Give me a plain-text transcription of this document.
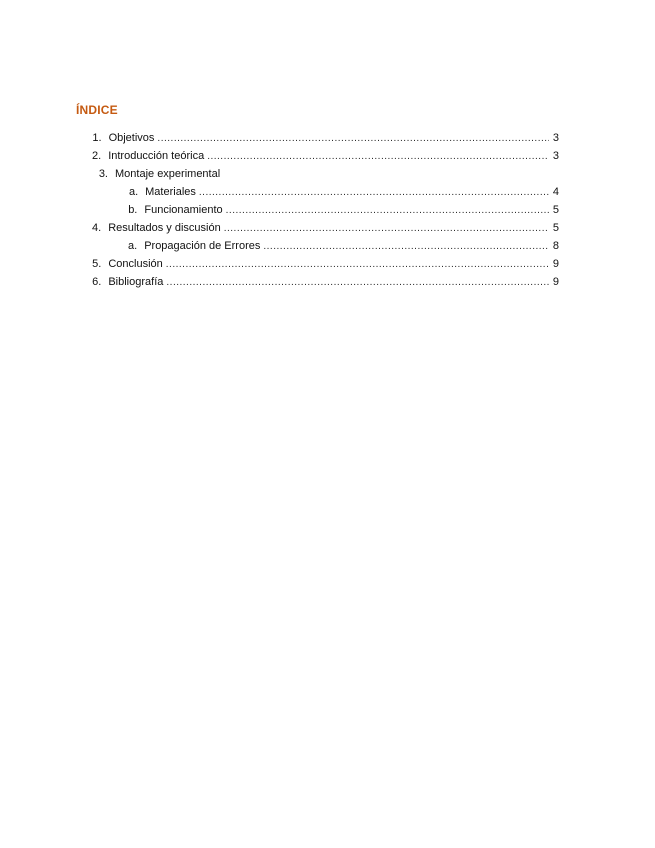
ÍNDICE
1. Objetivos .....	3
2. Introducción teórica .....	3
3. Montaje experimental
a. Materiales .....	4
b. Funcionamiento .....	5
4. Resultados y discusión .....	5
a. Propagación de Errores .....	8
5. Conclusión .....	9
6. Bibliografía .....	9
